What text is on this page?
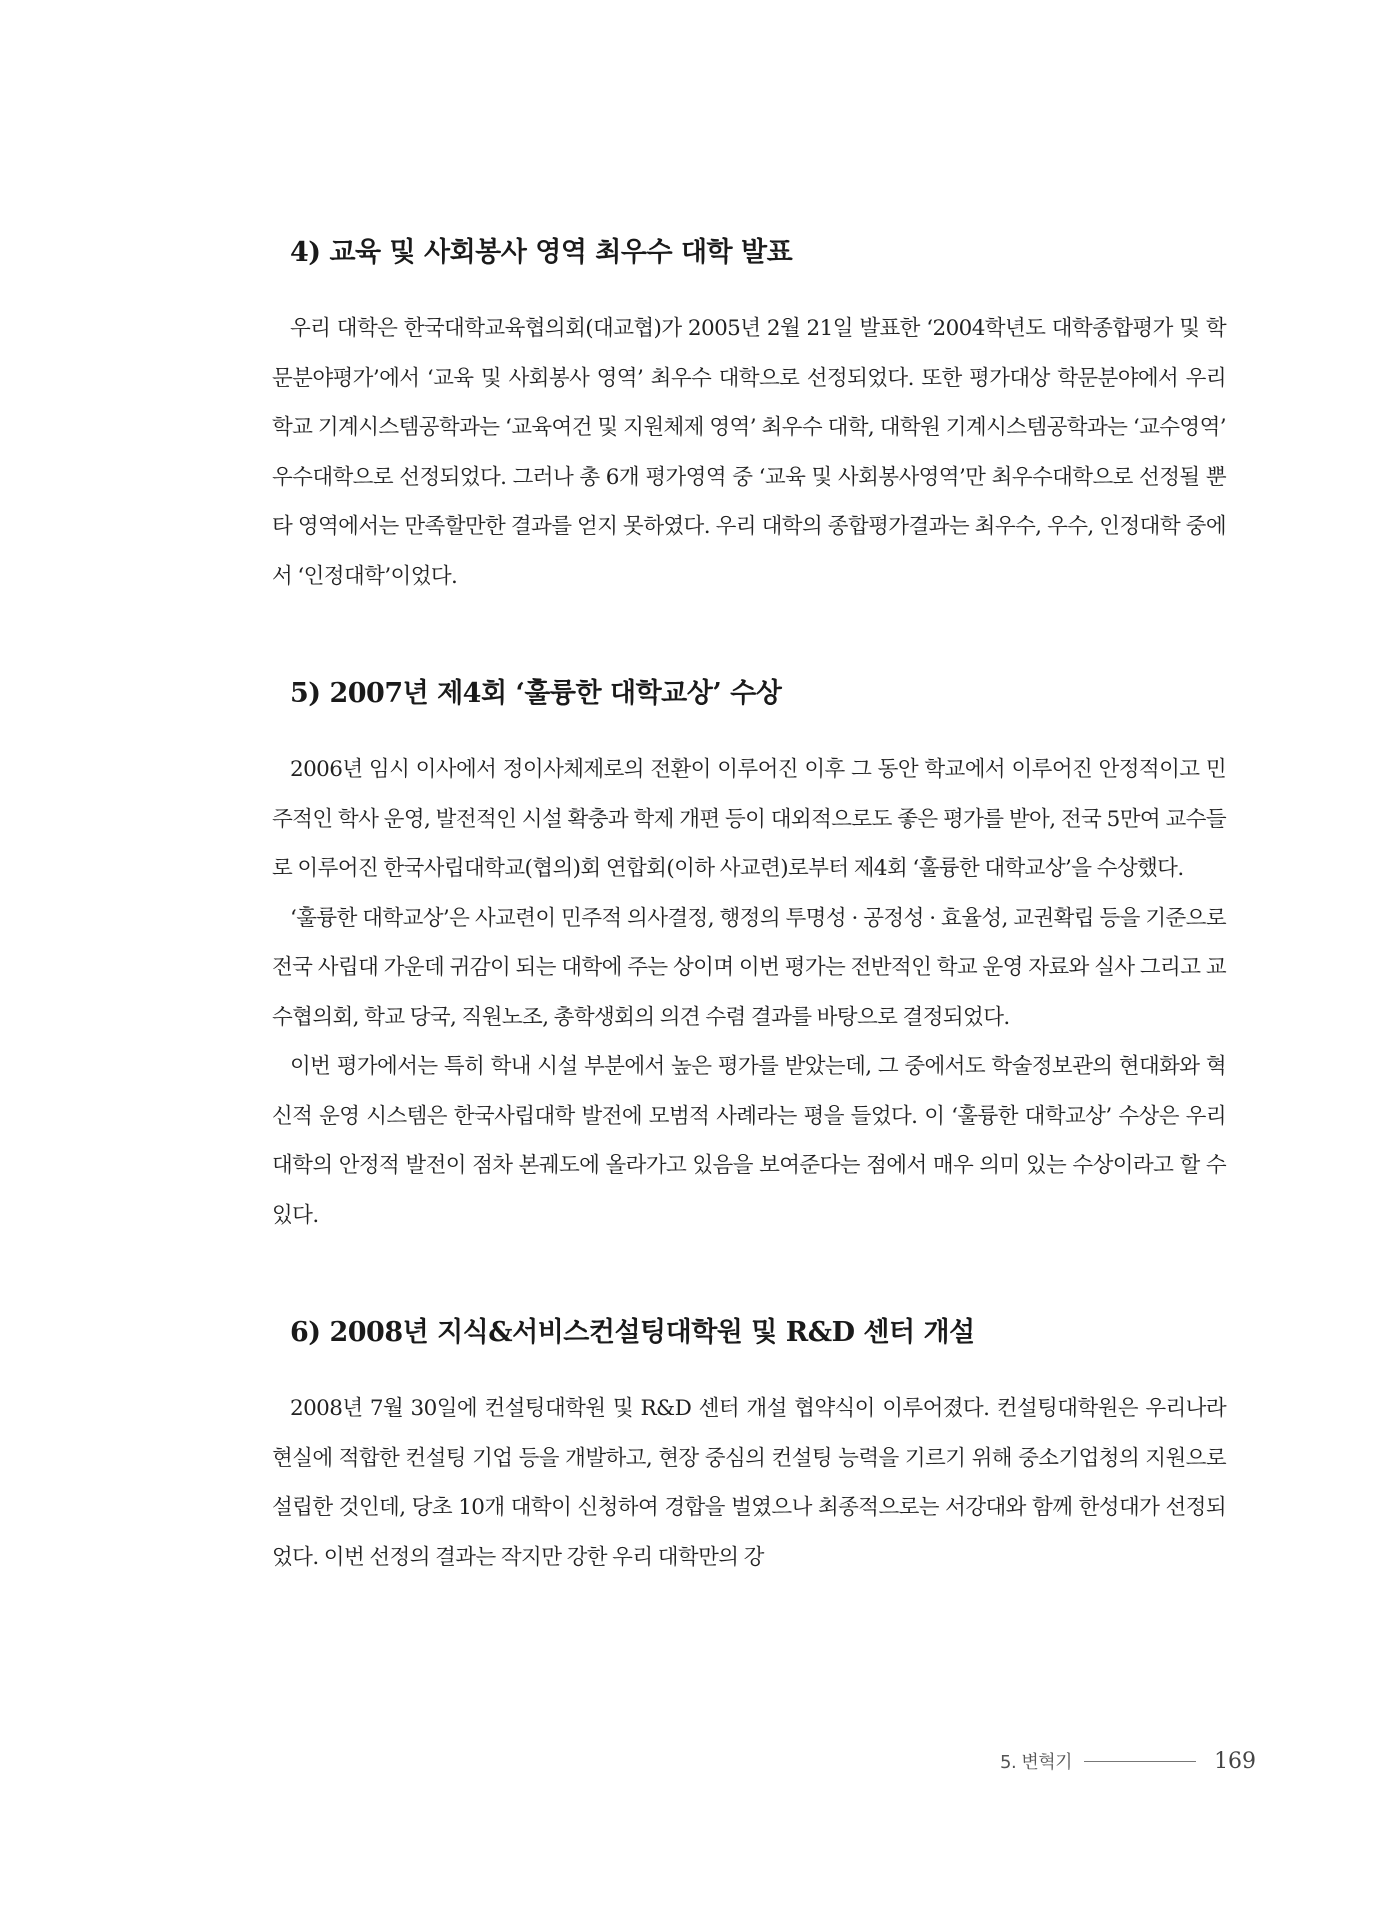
4) 교육 및 사회봉사 영역 최우수 대학 발표

우리 대학은 한국대학교육협의회(대교협)가 2005년 2월 21일 발표한 ‘2004학년도 대학종합평가 및 학문분야평가’에서 ‘교육 및 사회봉사 영역’ 최우수 대학으로 선정되었다. 또한 평가대상 학문분야에서 우리 학교 기계시스템공학과는 ‘교육여건 및 지원체제 영역’ 최우수 대학, 대학원 기계시스템공학과는 ‘교수영역’ 우수대학으로 선정되었다. 그러나 총 6개 평가영역 중 ‘교육 및 사회봉사영역’만 최우수대학으로 선정될 뿐 타 영역에서는 만족할만한 결과를 얻지 못하였다. 우리 대학의 종합평가결과는 최우수, 우수, 인정대학 중에서 ‘인정대학’이었다.

5) 2007년 제4회 ‘훌륭한 대학교상’ 수상

2006년 임시 이사에서 정이사체제로의 전환이 이루어진 이후 그 동안 학교에서 이루어진 안정적이고 민주적인 학사 운영, 발전적인 시설 확충과 학제 개편 등이 대외적으로도 좋은 평가를 받아, 전국 5만여 교수들로 이루어진 한국사립대학교(협의)회 연합회(이하 사교련)로부터 제4회 ‘훌륭한 대학교상’을 수상했다.

‘훌륭한 대학교상’은 사교련이 민주적 의사결정, 행정의 투명성 · 공정성 · 효율성, 교권확립 등을 기준으로 전국 사립대 가운데 귀감이 되는 대학에 주는 상이며 이번 평가는 전반적인 학교 운영 자료와 실사 그리고 교수협의회, 학교 당국, 직원노조, 총학생회의 의견 수렴 결과를 바탕으로 결정되었다.

이번 평가에서는 특히 학내 시설 부분에서 높은 평가를 받았는데, 그 중에서도 학술정보관의 현대화와 혁신적 운영 시스템은 한국사립대학 발전에 모범적 사례라는 평을 들었다. 이 ‘훌륭한 대학교상’ 수상은 우리 대학의 안정적 발전이 점차 본궤도에 올라가고 있음을 보여준다는 점에서 매우 의미 있는 수상이라고 할 수 있다.

6) 2008년 지식&서비스컨설팅대학원 및 R&D 센터 개설

2008년 7월 30일에 컨설팅대학원 및 R&D 센터 개설 협약식이 이루어졌다. 컨설팅대학원은 우리나라 현실에 적합한 컨설팅 기업 등을 개발하고, 현장 중심의 컨설팅 능력을 기르기 위해 중소기업청의 지원으로 설립한 것인데, 당초 10개 대학이 신청하여 경합을 벌였으나 최종적으로는 서강대와 함께 한성대가 선정되었다. 이번 선정의 결과는 작지만 강한 우리 대학만의 강

5. 변혁기	169
